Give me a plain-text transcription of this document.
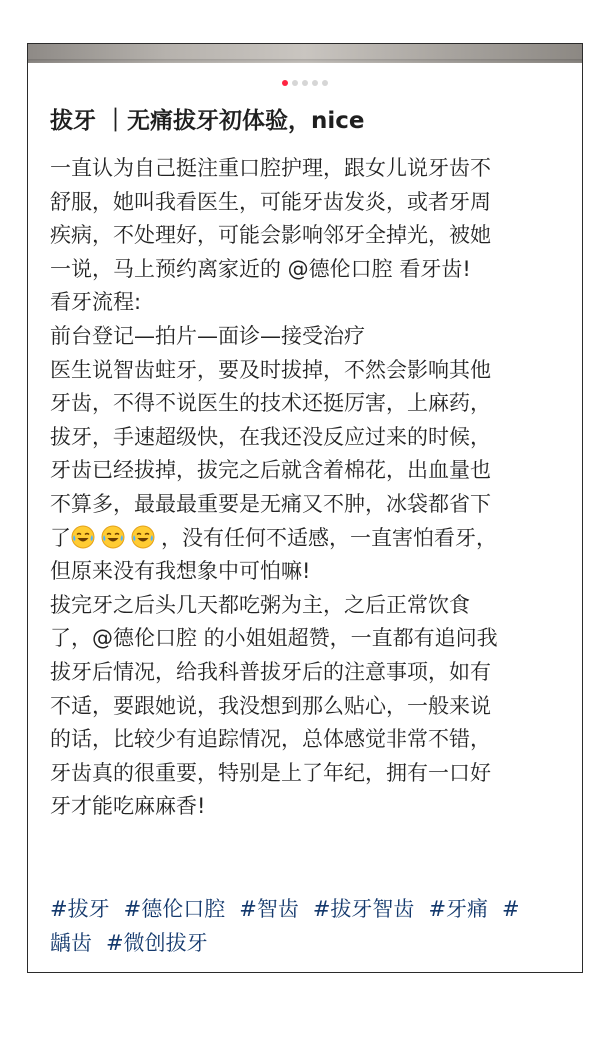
拔牙 ｜无痛拔牙初体验，nice

一直认为自己挺注重口腔护理，跟女儿说牙齿不

舒服，她叫我看医生，可能牙齿发炎，或者牙周

疾病，不处理好，可能会影响邻牙全掉光，被她

一说，马上预约离家近的 @德伦口腔 看牙齿!

看牙流程:

前台登记—拍片—面诊—接受治疗

医生说智齿蛀牙，要及时拔掉，不然会影响其他

牙齿，不得不说医生的技术还挺厉害，上麻药，

拔牙，手速超级快，在我还没反应过来的时候，

牙齿已经拔掉，拔完之后就含着棉花，出血量也

不算多，最最最重要是无痛又不肿，冰袋都省下

了	，没有任何不适感，一直害怕看牙，

但原来没有我想象中可怕嘛!

拔完牙之后头几天都吃粥为主，之后正常饮食

了，@德伦口腔 的小姐姐超赞，一直都有追问我

拔牙后情况，给我科普拔牙后的注意事项，如有

不适，要跟她说，我没想到那么贴心，一般来说

的话，比较少有追踪情况，总体感觉非常不错，

牙齿真的很重要，特别是上了年纪，拥有一口好

牙才能吃麻麻香!

#拔牙 #德伦口腔 #智齿 #拔牙智齿 #牙痛 #
龋齿 #微创拔牙
